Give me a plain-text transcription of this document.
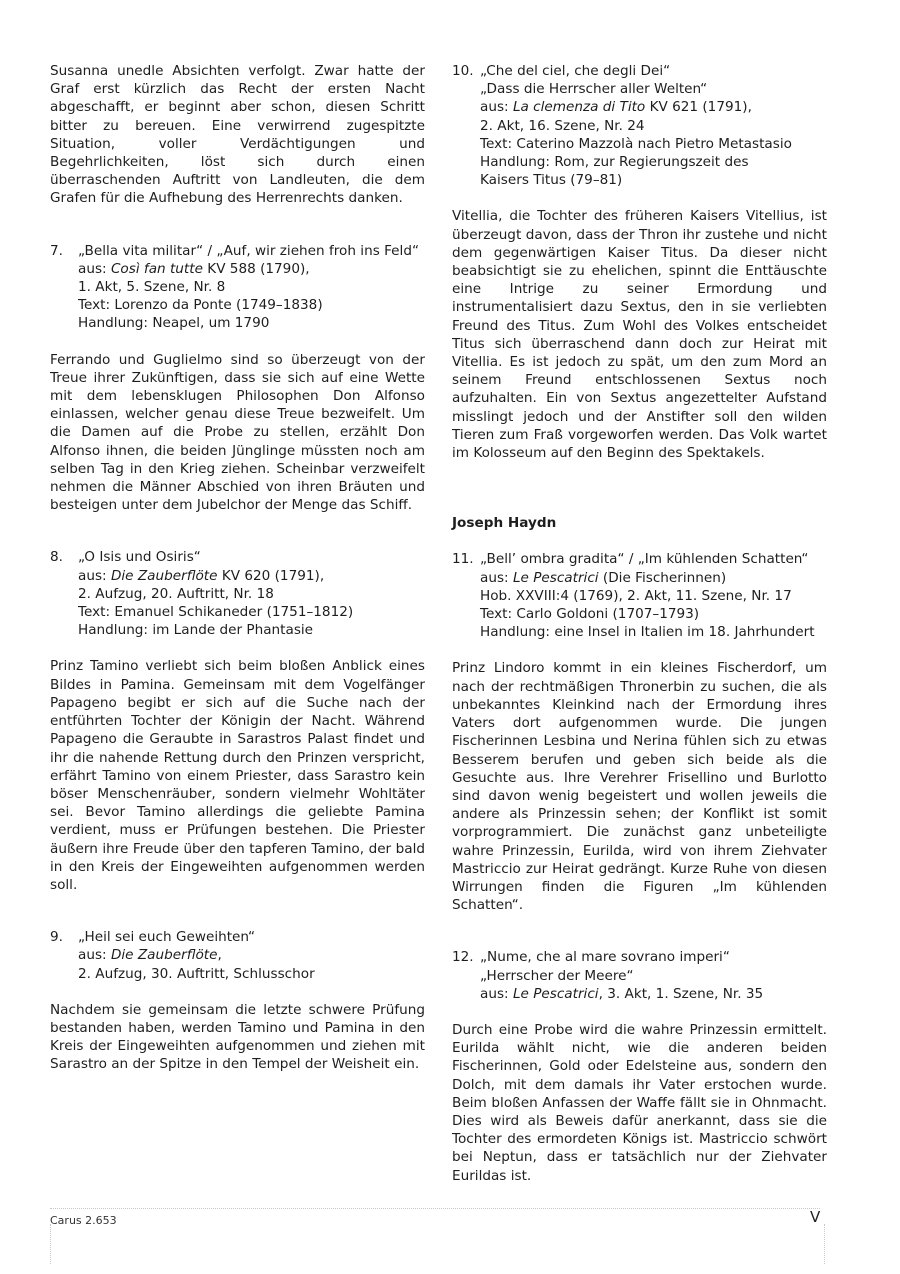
Susanna unedle Absichten verfolgt. Zwar hatte der Graf erst kürzlich das Recht der ersten Nacht abgeschafft, er beginnt aber schon, diesen Schritt bitter zu bereuen. Eine verwirrend zugespitzte Situation, voller Verdächtigungen und Begehrlichkeiten, löst sich durch einen überraschenden Auftritt von Landleuten, die dem Grafen für die Aufhebung des Herrenrechts danken.

7. „Bella vita militar“ / „Auf, wir ziehen froh ins Feld“
aus: Così fan tutte KV 588 (1790),
1. Akt, 5. Szene, Nr. 8
Text: Lorenzo da Ponte (1749–1838)
Handlung: Neapel, um 1790

Ferrando und Guglielmo sind so überzeugt von der Treue ihrer Zukünftigen, dass sie sich auf eine Wette mit dem lebensklugen Philosophen Don Alfonso einlassen, welcher genau diese Treue bezweifelt. Um die Damen auf die Probe zu stellen, erzählt Don Alfonso ihnen, die beiden Jünglinge müssten noch am selben Tag in den Krieg ziehen. Scheinbar verzweifelt nehmen die Männer Abschied von ihren Bräuten und besteigen unter dem Jubelchor der Menge das Schiff.

8. „O Isis und Osiris“
aus: Die Zauberflöte KV 620 (1791),
2. Aufzug, 20. Auftritt, Nr. 18
Text: Emanuel Schikaneder (1751–1812)
Handlung: im Lande der Phantasie

Prinz Tamino verliebt sich beim bloßen Anblick eines Bildes in Pamina. Gemeinsam mit dem Vogelfänger Papageno begibt er sich auf die Suche nach der entführten Tochter der Königin der Nacht. Während Papageno die Geraubte in Sarastros Palast findet und ihr die nahende Rettung durch den Prinzen verspricht, erfährt Tamino von einem Priester, dass Sarastro kein böser Menschenräuber, sondern vielmehr Wohltäter sei. Bevor Tamino allerdings die geliebte Pamina verdient, muss er Prüfungen bestehen. Die Priester äußern ihre Freude über den tapferen Tamino, der bald in den Kreis der Eingeweihten aufgenommen werden soll.

9. „Heil sei euch Geweihten“
aus: Die Zauberflöte,
2. Aufzug, 30. Auftritt, Schlusschor

Nachdem sie gemeinsam die letzte schwere Prüfung bestanden haben, werden Tamino und Pamina in den Kreis der Eingeweihten aufgenommen und ziehen mit Sarastro an der Spitze in den Tempel der Weisheit ein.

10. „Che del ciel, che degli Dei“
„Dass die Herrscher aller Welten“
aus: La clemenza di Tito KV 621 (1791),
2. Akt, 16. Szene, Nr. 24
Text: Caterino Mazzolà nach Pietro Metastasio
Handlung: Rom, zur Regierungszeit des
Kaisers Titus (79–81)

Vitellia, die Tochter des früheren Kaisers Vitellius, ist überzeugt davon, dass der Thron ihr zustehe und nicht dem gegenwärtigen Kaiser Titus. Da dieser nicht beabsichtigt sie zu ehelichen, spinnt die Enttäuschte eine Intrige zu seiner Ermordung und instrumentalisiert dazu Sextus, den in sie verliebten Freund des Titus. Zum Wohl des Volkes entscheidet Titus sich überraschend dann doch zur Heirat mit Vitellia. Es ist jedoch zu spät, um den zum Mord an seinem Freund entschlossenen Sextus noch aufzuhalten. Ein von Sextus angezettelter Aufstand misslingt jedoch und der Anstifter soll den wilden Tieren zum Fraß vorgeworfen werden. Das Volk wartet im Kolosseum auf den Beginn des Spektakels.

Joseph Haydn

11. „Bell’ ombra gradita“ / „Im kühlenden Schatten“
aus: Le Pescatrici (Die Fischerinnen)
Hob. XXVIII:4 (1769), 2. Akt, 11. Szene, Nr. 17
Text: Carlo Goldoni (1707–1793)
Handlung: eine Insel in Italien im 18. Jahrhundert

Prinz Lindoro kommt in ein kleines Fischerdorf, um nach der rechtmäßigen Thronerbin zu suchen, die als unbekanntes Kleinkind nach der Ermordung ihres Vaters dort aufgenommen wurde. Die jungen Fischerinnen Lesbina und Nerina fühlen sich zu etwas Besserem berufen und geben sich beide als die Gesuchte aus. Ihre Verehrer Frisellino und Burlotto sind davon wenig begeistert und wollen jeweils die andere als Prinzessin sehen; der Konflikt ist somit vorprogrammiert. Die zunächst ganz unbeteiligte wahre Prinzessin, Eurilda, wird von ihrem Ziehvater Mastriccio zur Heirat gedrängt. Kurze Ruhe von diesen Wirrungen finden die Figuren „Im kühlenden Schatten“.

12. „Nume, che al mare sovrano imperi“
„Herrscher der Meere“
aus: Le Pescatrici, 3. Akt, 1. Szene, Nr. 35

Durch eine Probe wird die wahre Prinzessin ermittelt. Eurilda wählt nicht, wie die anderen beiden Fischerinnen, Gold oder Edelsteine aus, sondern den Dolch, mit dem damals ihr Vater erstochen wurde. Beim bloßen Anfassen der Waffe fällt sie in Ohnmacht. Dies wird als Beweis dafür anerkannt, dass sie die Tochter des ermordeten Königs ist. Mastriccio schwört bei Neptun, dass er tatsächlich nur der Ziehvater Eurildas ist.

Carus 2.653	V
